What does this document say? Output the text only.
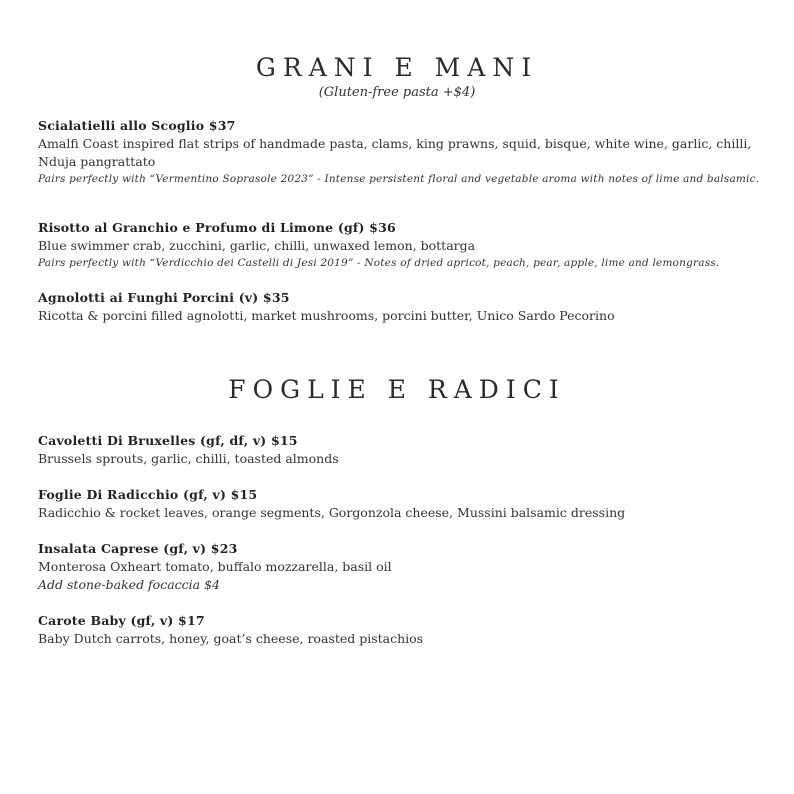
GRANI E MANI

(Gluten-free pasta +$4)

Scialatielli allo Scoglio $37
Amalfi Coast inspired flat strips of handmade pasta, clams, king prawns, squid, bisque, white wine, garlic, chilli, Nduja pangrattato
Pairs perfectly with “Vermentino Soprasole 2023” - Intense persistent floral and vegetable aroma with notes of lime and balsamic.
Risotto al Granchio e Profumo di Limone (gf) $36
Blue swimmer crab, zucchini, garlic, chilli, unwaxed lemon, bottarga
Pairs perfectly with “Verdicchio dei Castelli di Jesi 2019” - Notes of dried apricot, peach, pear, apple, lime and lemongrass.
Agnolotti ai Funghi Porcini (v) $35
Ricotta & porcini filled agnolotti, market mushrooms, porcini butter, Unico Sardo Pecorino
FOGLIE E RADICI
Cavoletti Di Bruxelles (gf, df, v) $15
Brussels sprouts, garlic, chilli, toasted almonds
Foglie Di Radicchio (gf, v) $15
Radicchio & rocket leaves, orange segments, Gorgonzola cheese, Mussini balsamic dressing
Insalata Caprese (gf, v) $23
Monterosa Oxheart tomato, buffalo mozzarella, basil oil
Add stone-baked focaccia $4
Carote Baby (gf, v) $17
Baby Dutch carrots, honey, goat’s cheese, roasted pistachios
